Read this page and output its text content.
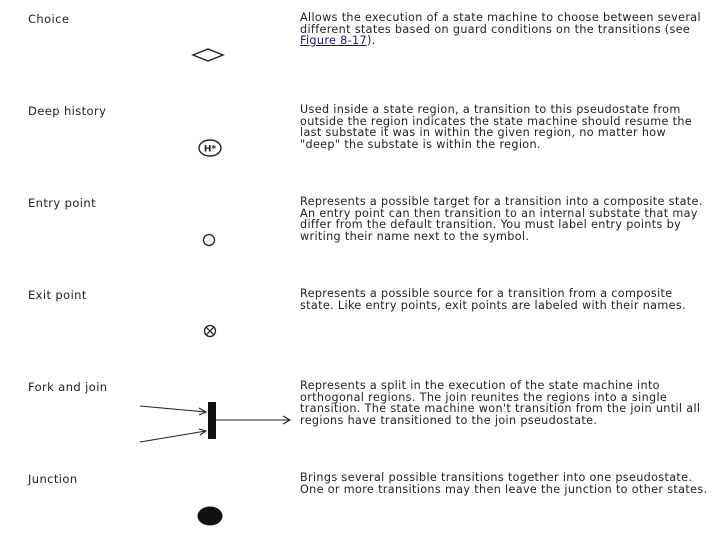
Choice	Allows the execution of a state machine to choose between several different states based on guard conditions on the transitions (see Figure 8-17).
Deep history	Used inside a state region, a transition to this pseudostate from outside the region indicates the state machine should resume the last substate it was in within the given region, no matter how "deep" the substate is within the region.
H*
Entry point	Represents a possible target for a transition into a composite state. An entry point can then transition to an internal substate that may differ from the default transition. You must label entry points by writing their name next to the symbol.
Exit point	Represents a possible source for a transition from a composite state. Like entry points, exit points are labeled with their names.
Fork and join	Represents a split in the execution of the state machine into orthogonal regions. The join reunites the regions into a single transition. The state machine won't transition from the join until all regions have transitioned to the join pseudostate.
Junction	Brings several possible transitions together into one pseudostate. One or more transitions may then leave the junction to other states.
